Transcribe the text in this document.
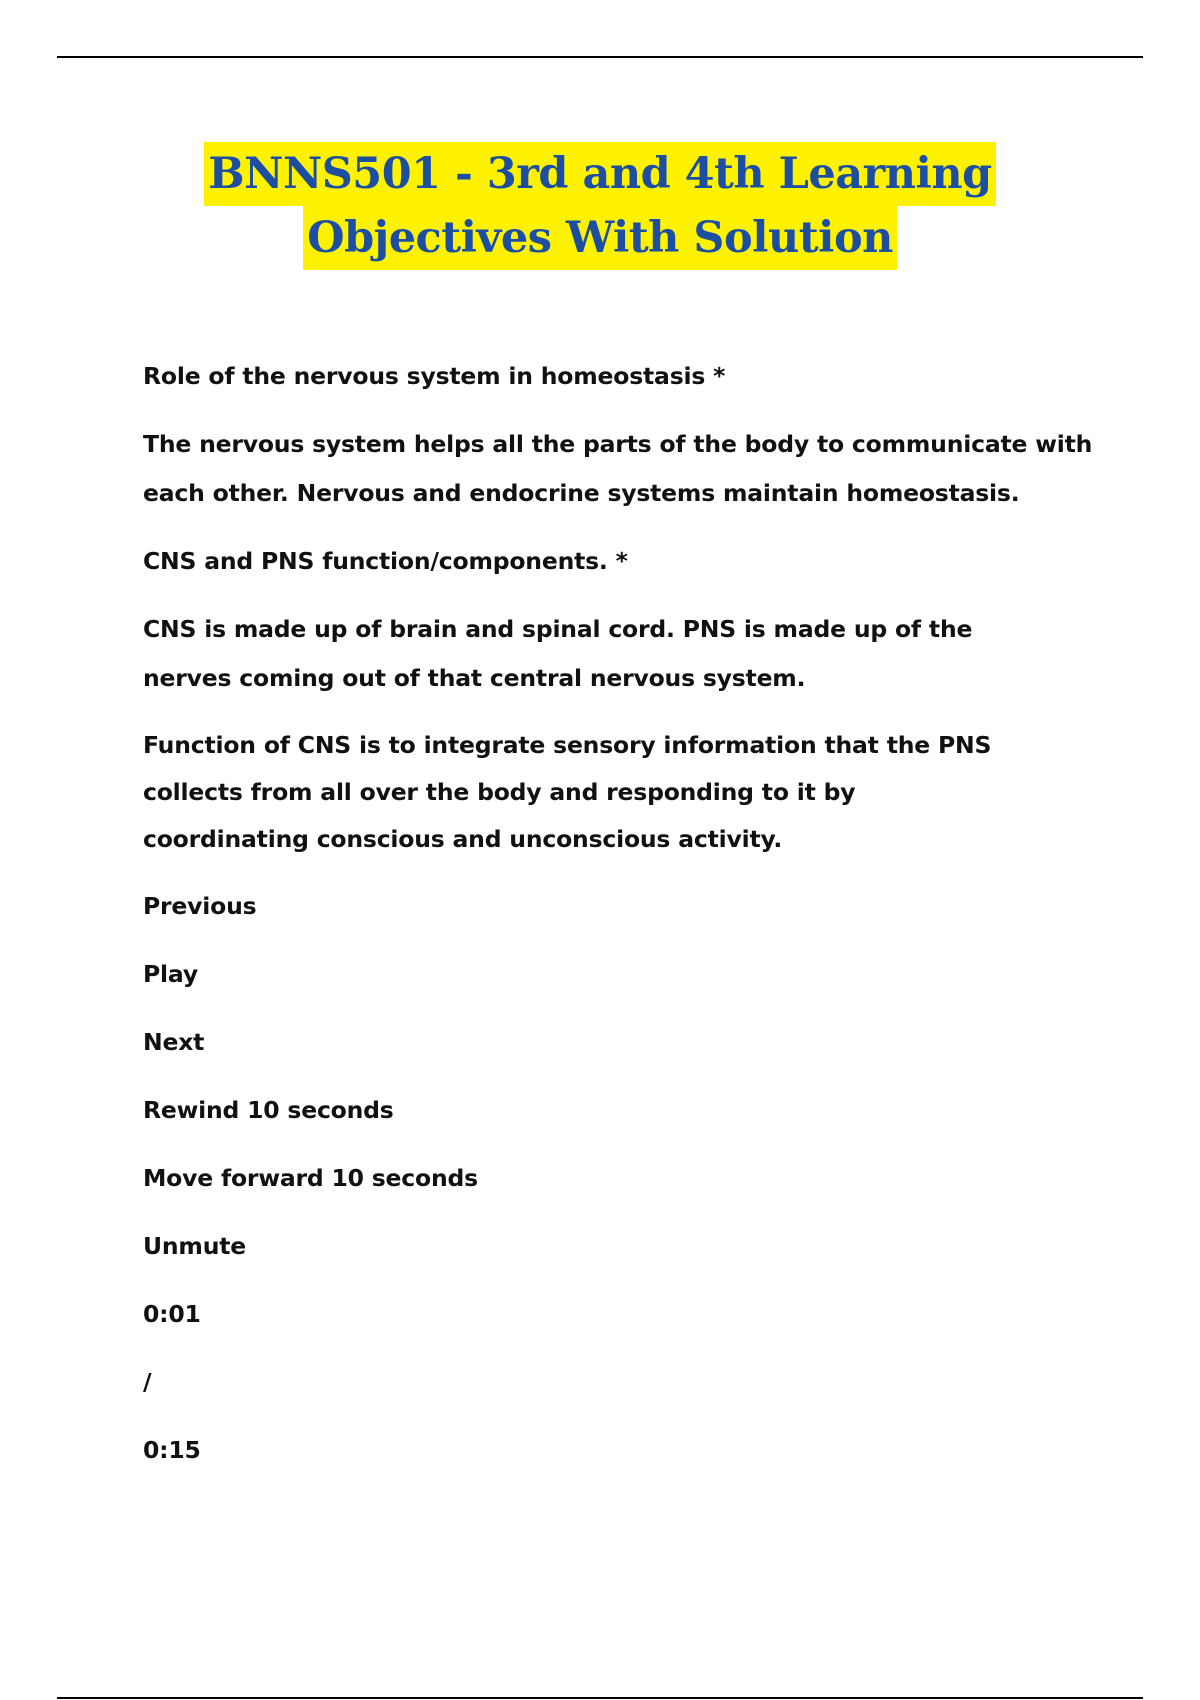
BNNS501 - 3rd and 4th Learning
Objectives With Solution

Role of the nervous system in homeostasis *

The nervous system helps all the parts of the body to communicate with each other. Nervous and endocrine systems maintain homeostasis.

CNS and PNS function/components. *

CNS is made up of brain and spinal cord. PNS is made up of the nerves coming out of that central nervous system.

Function of CNS is to integrate sensory information that the PNS collects from all over the body and responding to it by coordinating conscious and unconscious activity.

Previous

Play

Next

Rewind 10 seconds

Move forward 10 seconds

Unmute

0:01

/

0:15
